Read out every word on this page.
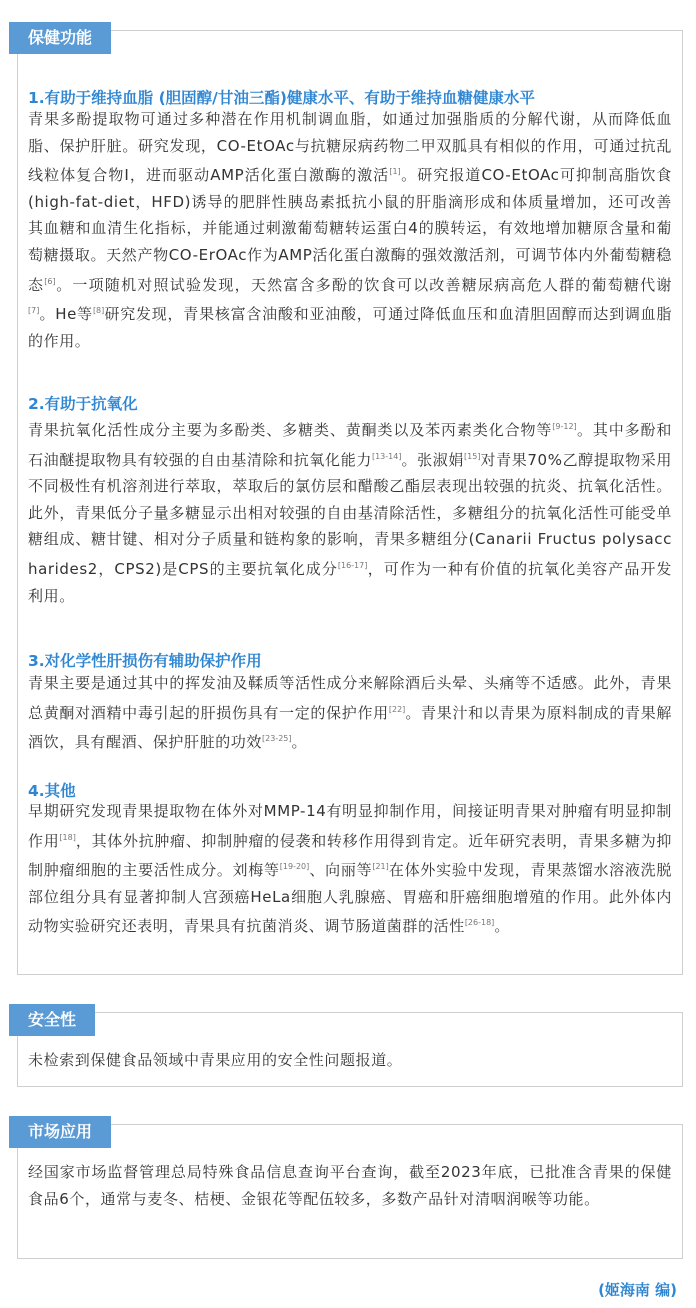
保健功能
1.有助于维持血脂 (胆固醇/甘油三酯)健康水平、有助于维持血糖健康水平
青果多酚提取物可通过多种潜在作用机制调血脂，如通过加强脂质的分解代谢，从而降低血脂、保护肝脏。研究发现，CO-EtOAc与抗糖尿病药物二甲双胍具有相似的作用，可通过抗乱线粒体复合物I，进而驱动AMP活化蛋白激酶的激活[1]。研究报道CO-EtOAc可抑制高脂饮食(high-fat-diet，HFD)诱导的肥胖性胰岛素抵抗小鼠的肝脂滴形成和体质量增加，还可改善其血糖和血清生化指标，并能通过刺激葡萄糖转运蛋白4的膜转运，有效地增加糖原含量和葡萄糖摄取。天然产物CO-ErOAc作为AMP活化蛋白激酶的强效激活剂，可调节体内外葡萄糖稳态[6]。一项随机对照试验发现，天然富含多酚的饮食可以改善糖尿病高危人群的葡萄糖代谢[7]。He等[8]研究发现，青果核富含油酸和亚油酸，可通过降低血压和血清胆固醇而达到调血脂的作用。
2.有助于抗氧化
青果抗氧化活性成分主要为多酚类、多糖类、黄酮类以及苯丙素类化合物等[9-12]。其中多酚和石油醚提取物具有较强的自由基清除和抗氧化能力[13-14]。张淑娟[15]对青果70%乙醇提取物采用不同极性有机溶剂进行萃取，萃取后的氯仿层和醋酸乙酯层表现出较强的抗炎、抗氧化活性。此外，青果低分子量多糖显示出相对较强的自由基清除活性，多糖组分的抗氧化活性可能受单糖组成、糖甘键、相对分子质量和链构象的影响，青果多糖组分(Canarii Fructus polysaccharides2，CPS2)是CPS的主要抗氧化成分[16-17]，可作为一种有价值的抗氧化美容产品开发利用。
3.对化学性肝损伤有辅助保护作用
青果主要是通过其中的挥发油及鞣质等活性成分来解除酒后头晕、头痛等不适感。此外，青果总黄酮对酒精中毒引起的肝损伤具有一定的保护作用[22]。青果汁和以青果为原料制成的青果解酒饮，具有醒酒、保护肝脏的功效[23-25]。
4.其他
早期研究发现青果提取物在体外对MMP-14有明显抑制作用，间接证明青果对肿瘤有明显抑制作用[18]，其体外抗肿瘤、抑制肿瘤的侵袭和转移作用得到肯定。近年研究表明，青果多糖为抑制肿瘤细胞的主要活性成分。刘梅等[19-20]、向丽等[21]在体外实验中发现，青果蒸馏水溶液洗脱部位组分具有显著抑制人宫颈癌HeLa细胞人乳腺癌、胃癌和肝癌细胞增殖的作用。此外体内动物实验研究还表明，青果具有抗菌消炎、调节肠道菌群的活性[26-18]。
安全性
未检索到保健食品领域中青果应用的安全性问题报道。
市场应用
经国家市场监督管理总局特殊食品信息查询平台查询，截至2023年底，已批准含青果的保健食品6个，通常与麦冬、桔梗、金银花等配伍较多，多数产品针对清咽润喉等功能。
(姬海南 编)
